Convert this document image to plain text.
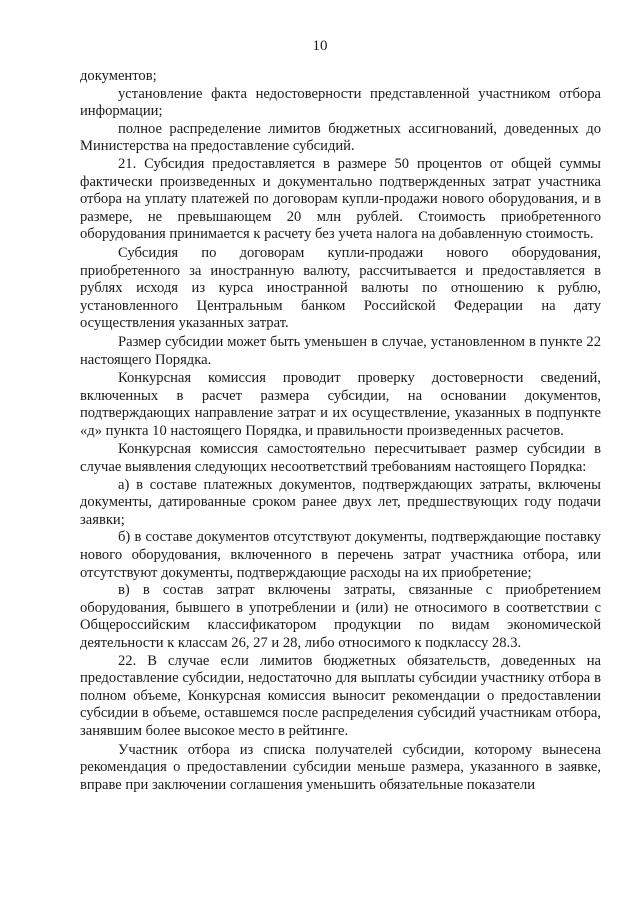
10

документов;

установление факта недостоверности представленной участником отбора информации;

полное распределение лимитов бюджетных ассигнований, доведенных до Министерства на предоставление субсидий.

21. Субсидия предоставляется в размере 50 процентов от общей суммы фактически произведенных и документально подтвержденных затрат участника отбора на уплату платежей по договорам купли-продажи нового оборудования, и в размере, не превышающем 20 млн рублей. Стоимость приобретенного оборудования принимается к расчету без учета налога на добавленную стоимость.

Субсидия по договорам купли-продажи нового оборудования, приобретенного за иностранную валюту, рассчитывается и предоставляется в рублях исходя из курса иностранной валюты по отношению к рублю, установленного Центральным банком Российской Федерации на дату осуществления указанных затрат.

Размер субсидии может быть уменьшен в случае, установленном в пункте 22 настоящего Порядка.

Конкурсная комиссия проводит проверку достоверности сведений, включенных в расчет размера субсидии, на основании документов, подтверждающих направление затрат и их осуществление, указанных в подпункте «д» пункта 10 настоящего Порядка, и правильности произведенных расчетов.

Конкурсная комиссия самостоятельно пересчитывает размер субсидии в случае выявления следующих несоответствий требованиям настоящего Порядка:

а) в составе платежных документов, подтверждающих затраты, включены документы, датированные сроком ранее двух лет, предшествующих году подачи заявки;

б) в составе документов отсутствуют документы, подтверждающие поставку нового оборудования, включенного в перечень затрат участника отбора, или отсутствуют документы, подтверждающие расходы на их приобретение;

в) в состав затрат включены затраты, связанные с приобретением оборудования, бывшего в употреблении и (или) не относимого в соответствии с Общероссийским классификатором продукции по видам экономической деятельности к классам 26, 27 и 28, либо относимого к подклассу 28.3.

22. В случае если лимитов бюджетных обязательств, доведенных на предоставление субсидии, недостаточно для выплаты субсидии участнику отбора в полном объеме, Конкурсная комиссия выносит рекомендации о предоставлении субсидии в объеме, оставшемся после распределения субсидий участникам отбора, занявшим более высокое место в рейтинге.

Участник отбора из списка получателей субсидии, которому вынесена рекомендация о предоставлении субсидии меньше размера, указанного в заявке, вправе при заключении соглашения уменьшить обязательные показатели
